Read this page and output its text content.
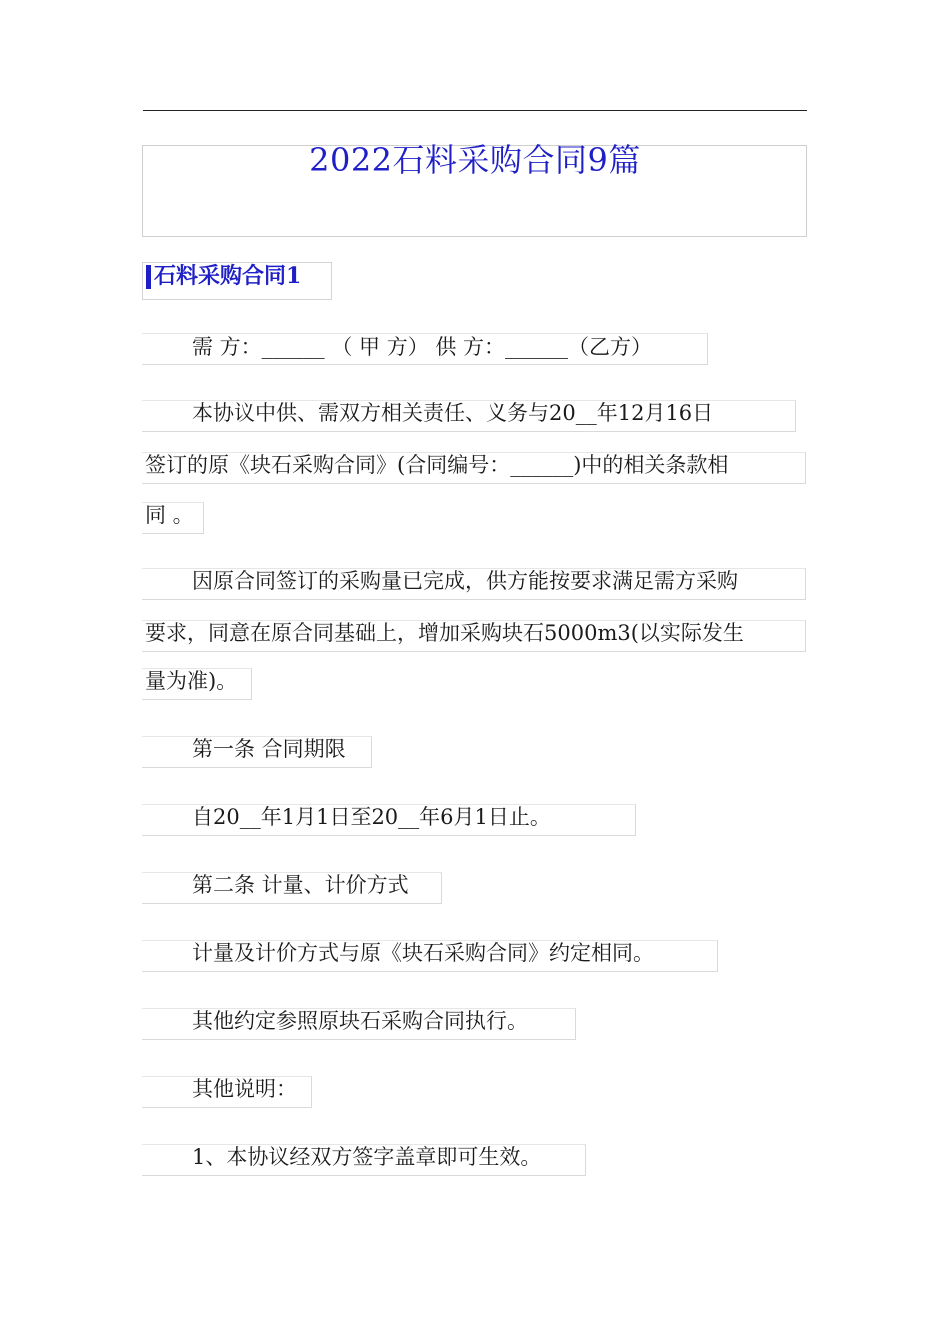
2022石料采购合同9篇
石料采购合同1
需 方：______ （ 甲 方） 供 方：______（乙方）
本协议中供、需双方相关责任、义务与20__年12月16日
签订的原《块石采购合同》(合同编号：______)中的相关条款相
同 。
因原合同签订的采购量已完成，供方能按要求满足需方采购
要求，同意在原合同基础上，增加采购块石5000m3(以实际发生
量为准)。
第一条 合同期限
自20__年1月1日至20__年6月1日止。
第二条 计量、计价方式
计量及计价方式与原《块石采购合同》约定相同。
其他约定参照原块石采购合同执行。
其他说明：
1、本协议经双方签字盖章即可生效。
